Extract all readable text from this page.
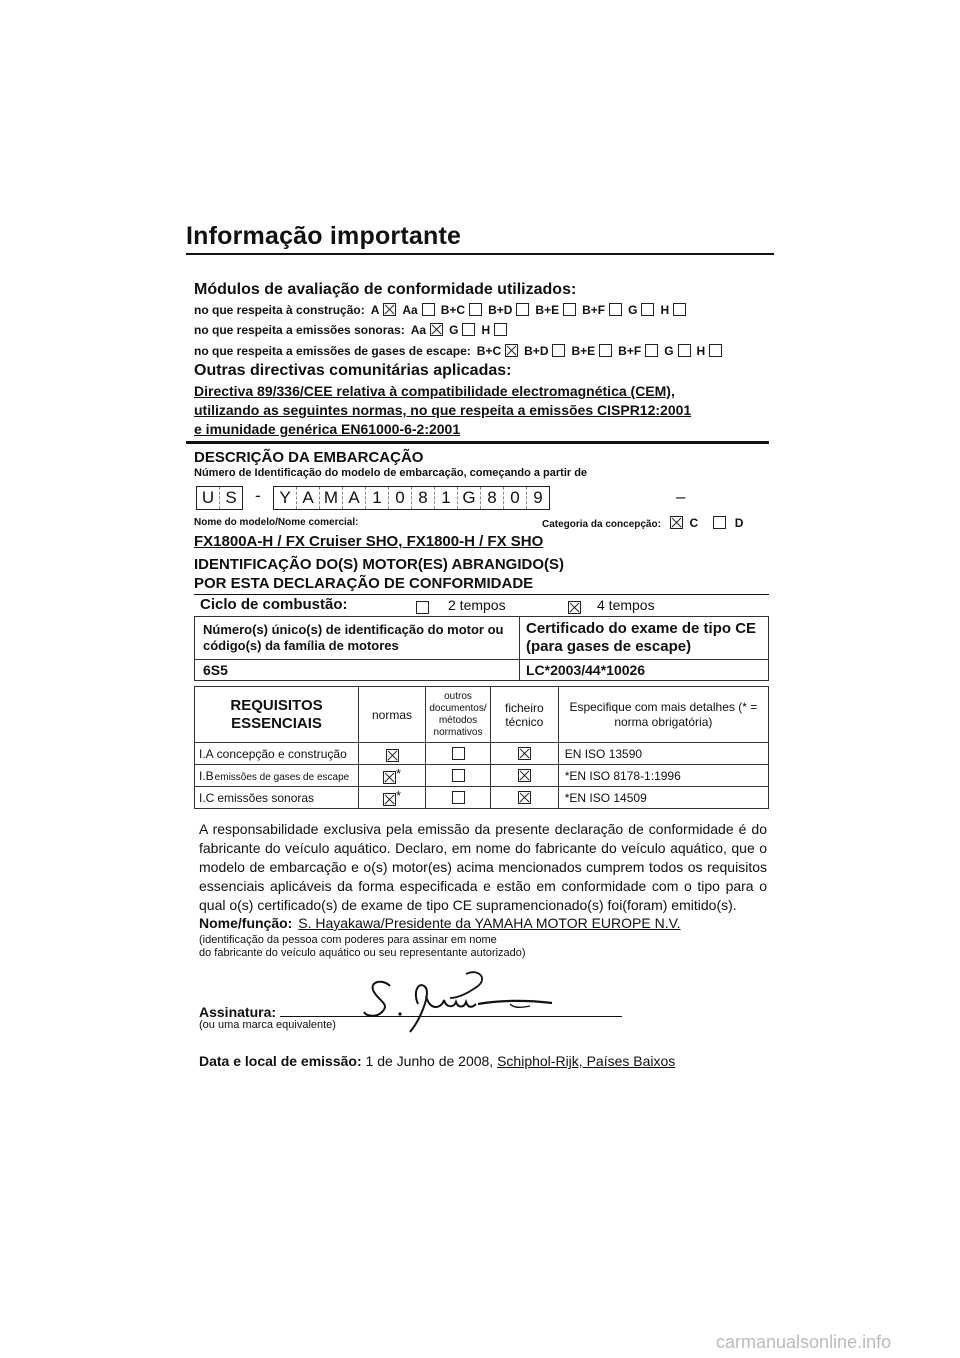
Informação importante
Módulos de avaliação de conformidade utilizados:
no que respeita à construção: A Aa B+C B+D B+E B+F G H
no que respeita a emissões sonoras: Aa G H
no que respeita a emissões de gases de escape: B+C B+D B+E B+F G H
Outras directivas comunitárias aplicadas:
Directiva 89/336/CEE relativa à compatibilidade electromagnética (CEM),
utilizando as seguintes normas, no que respeita a emissões CISPR12:2001
e imunidade genérica EN61000-6-2:2001
DESCRIÇÃO DA EMBARCAÇÃO
Número de Identificação do modelo de embarcação, começando a partir de
U S	-	Y A M A 1 0 8 1 G 8 0 9	–
Nome do modelo/Nome comercial:	Categoria da concepção: C	D
FX1800A-H / FX Cruiser SHO, FX1800-H / FX SHO
IDENTIFICAÇÃO DO(S) MOTOR(ES) ABRANGIDO(S)
POR ESTA DECLARAÇÃO DE CONFORMIDADE
Ciclo de combustão:
	2 tempos	4 tempos
Número(s) único(s) de identificação do motor ou código(s) da família de motores	Certificado do exame de tipo CE (para gases de escape)
6S5	LC*2003/44*10026
REQUISITOS ESSENCIAIS	normas	outros documentos/ métodos normativos	ficheiro técnico	Especifique com mais detalhes (* = norma obrigatória)
I.A concepção e construção				EN ISO 13590
I.Bemissões de gases de escape	*			*EN ISO 8178-1:1996
I.C emissões sonoras	*			*EN ISO 14509
A responsabilidade exclusiva pela emissão da presente declaração de conformidade é do fabricante do veículo aquático. Declaro, em nome do fabricante do veículo aquático, que o modelo de embarcação e o(s) motor(es) acima mencionados cumprem todos os requisitos essenciais aplicáveis da forma especificada e estão em conformidade com o tipo para o qual o(s) certificado(s) de exame de tipo CE supramencionado(s) foi(foram) emitido(s).
Nome/função: S. Hayakawa/Presidente da YAMAHA MOTOR EUROPE N.V.
(identificação da pessoa com poderes para assinar em nome
do fabricante do veículo aquático ou seu representante autorizado)
Assinatura:
(ou uma marca equivalente)
Data e local de emissão: 1 de Junho de 2008, Schiphol-Rijk, Países Baixos
carmanualsonline.info
